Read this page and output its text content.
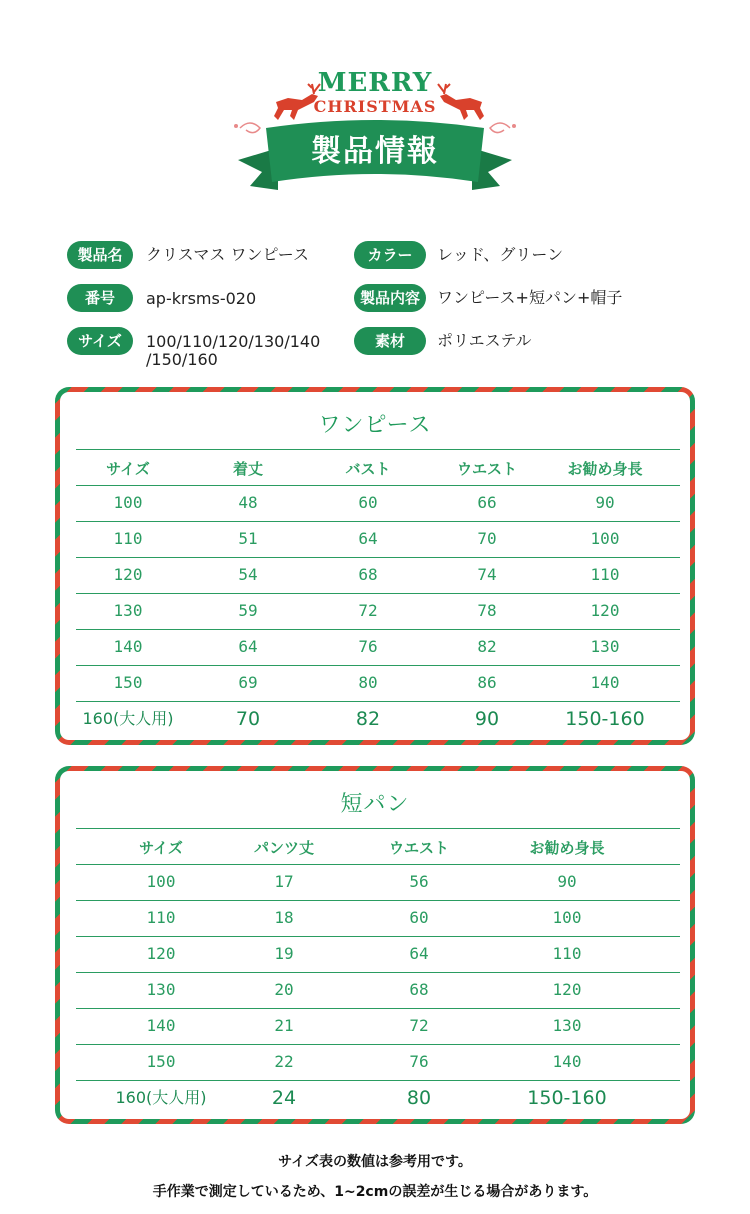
MERRY
CHRISTMAS
製品情報
製品名	クリスマス ワンピース	カラー	レッド、グリーン
番号	ap-krsms-020	製品内容	ワンピース+短パン+帽子
サイズ	100/110/120/130/140
/150/160
素材	ポリエステル
ワンピース
サイズ	着丈	バスト	ウエスト	お勧め身長
100	48	60	66	90
110	51	64	70	100
120	54	68	74	110
130	59	72	78	120
140	64	76	82	130
150	69	80	86	140
160(大人用)	70	82	90	150-160
短パン
サイズ	パンツ丈	ウエスト	お勧め身長
100	17	56	90
110	18	60	100
120	19	64	110
130	20	68	120
140	21	72	130
150	22	76	140
160(大人用)	24	80	150-160
サイズ表の数値は参考用です。
手作業で測定しているため、1~2cmの誤差が生じる場合があります。
